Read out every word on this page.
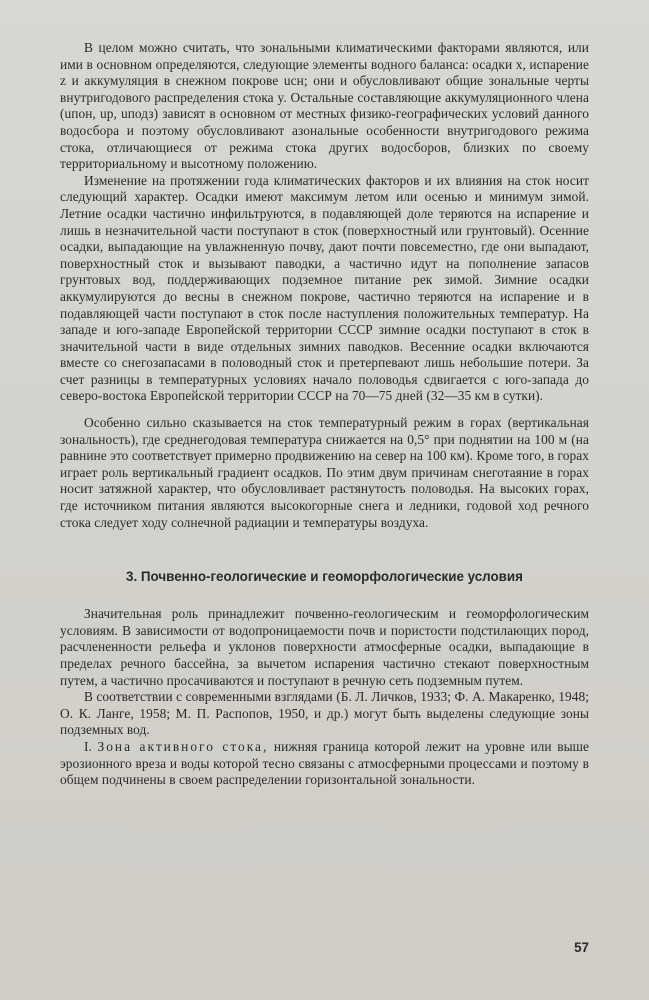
В целом можно считать, что зональными климатическими факторами являются, или ими в основном определяются, следующие элементы водного баланса: осадки x, испарение z и аккумуляция в снежном покрове uсн; они и обусловливают общие зональные черты внутригодового распределения стока y. Остальные составляющие аккумуляционного члена (uпон, uр, uподз) зависят в основном от местных физико-географических условий данного водосбора и поэтому обусловливают азональные особенности внутригодового режима стока, отличающиеся от режима стока других водосборов, близких по своему территориальному и высотному положению.

Изменение на протяжении года климатических факторов и их влияния на сток носит следующий характер. Осадки имеют максимум летом или осенью и минимум зимой. Летние осадки частично инфильтруются, в подавляющей доле теряются на испарение и лишь в незначительной части поступают в сток (поверхностный или грунтовый). Осенние осадки, выпадающие на увлажненную почву, дают почти повсеместно, где они выпадают, поверхностный сток и вызывают паводки, а частично идут на пополнение запасов грунтовых вод, поддерживающих подземное питание рек зимой. Зимние осадки аккумулируются до весны в снежном покрове, частично теряются на испарение и в подавляющей части поступают в сток после наступления положительных температур. На западе и юго-западе Европейской территории СССР зимние осадки поступают в сток в значительной части в виде отдельных зимних паводков. Весенние осадки включаются вместе со снегозапасами в половодный сток и претерпевают лишь небольшие потери. За счет разницы в температурных условиях начало половодья сдвигается с юго-запада до северо-востока Европейской территории СССР на 70—75 дней (32—35 км в сутки).

Особенно сильно сказывается на сток температурный режим в горах (вертикальная зональность), где среднегодовая температура снижается на 0,5° при поднятии на 100 м (на равнине это соответствует примерно продвижению на север на 100 км). Кроме того, в горах играет роль вертикальный градиент осадков. По этим двум причинам снеготаяние в горах носит затяжной характер, что обусловливает растянутость половодья. На высоких горах, где источником питания являются высокогорные снега и ледники, годовой ход речного стока следует ходу солнечной радиации и температуры воздуха.

3. Почвенно-геологические и геоморфологические условия

Значительная роль принадлежит почвенно-геологическим и геоморфологическим условиям. В зависимости от водопроницаемости почв и пористости подстилающих пород, расчлененности рельефа и уклонов поверхности атмосферные осадки, выпадающие в пределах речного бассейна, за вычетом испарения частично стекают поверхностным путем, а частично просачиваются и поступают в речную сеть подземным путем.

В соответствии с современными взглядами (Б. Л. Личков, 1933; Ф. А. Макаренко, 1948; О. К. Ланге, 1958; М. П. Распопов, 1950, и др.) могут быть выделены следующие зоны подземных вод.

I. Зона активного стока, нижняя граница которой лежит на уровне или выше эрозионного вреза и воды которой тесно связаны с атмосферными процессами и поэтому в общем подчинены в своем распределении горизонтальной зональности.

57
